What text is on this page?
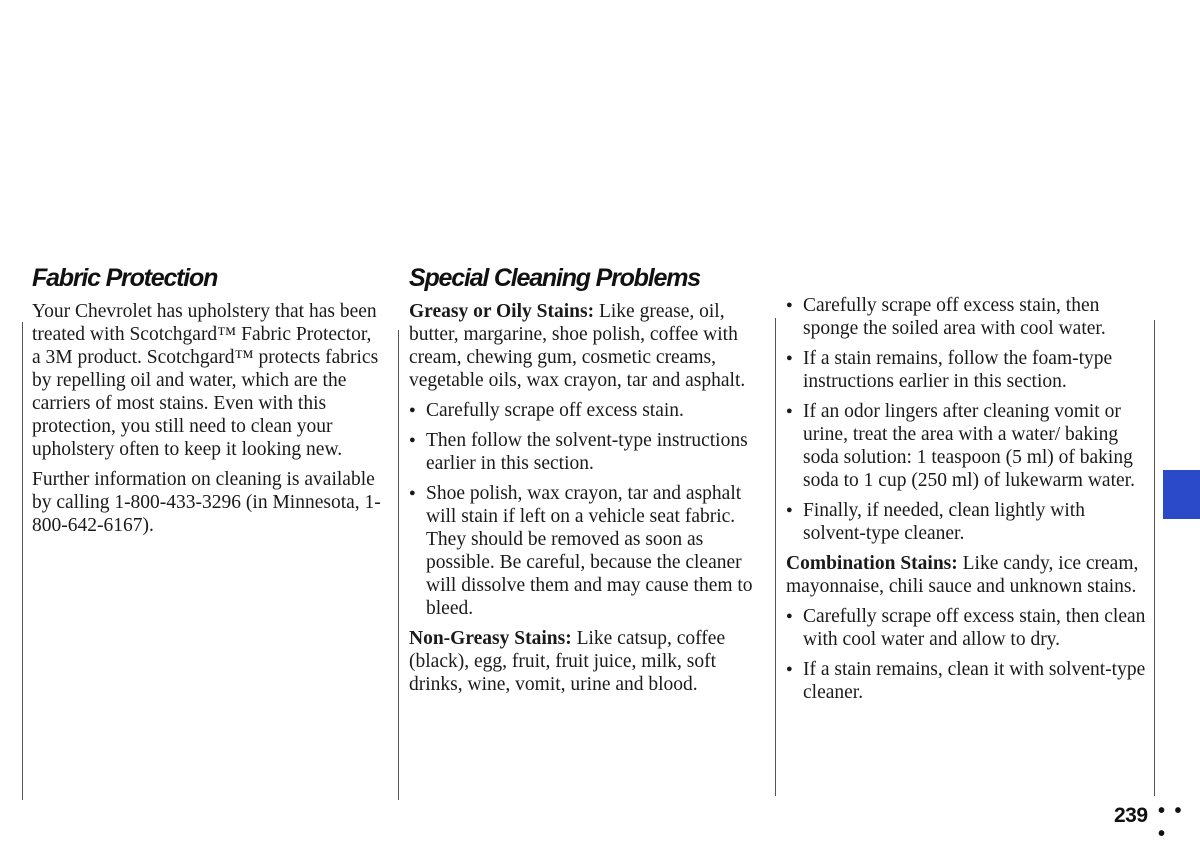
Fabric Protection

Your Chevrolet has upholstery that has been treated with Scotchgard™ Fabric Protector, a 3M product. Scotchgard™ protects fabrics by repelling oil and water, which are the carriers of most stains. Even with this protection, you still need to clean your upholstery often to keep it looking new.

Further information on cleaning is available by calling 1-800-433-3296 (in Minnesota, 1-800-642-6167).

Special Cleaning Problems

Greasy or Oily Stains: Like grease, oil, butter, margarine, shoe polish, coffee with cream, chewing gum, cosmetic creams, vegetable oils, wax crayon, tar and asphalt.

● Carefully scrape off excess stain.
● Then follow the solvent-type instructions earlier in this section.
● Shoe polish, wax crayon, tar and asphalt will stain if left on a vehicle seat fabric. They should be removed as soon as possible. Be careful, because the cleaner will dissolve them and may cause them to bleed.

Non-Greasy Stains: Like catsup, coffee (black), egg, fruit, fruit juice, milk, soft drinks, wine, vomit, urine and blood.

● Carefully scrape off excess stain, then sponge the soiled area with cool water.
● If a stain remains, follow the foam-type instructions earlier in this section.
● If an odor lingers after cleaning vomit or urine, treat the area with a water/ baking soda solution: 1 teaspoon (5 ml) of baking soda to 1 cup (250 ml) of lukewarm water.
● Finally, if needed, clean lightly with solvent-type cleaner.

Combination Stains: Like candy, ice cream, mayonnaise, chili sauce and unknown stains.

● Carefully scrape off excess stain, then clean with cool water and allow to dry.
● If a stain remains, clean it with solvent-type cleaner.
239 • • •
